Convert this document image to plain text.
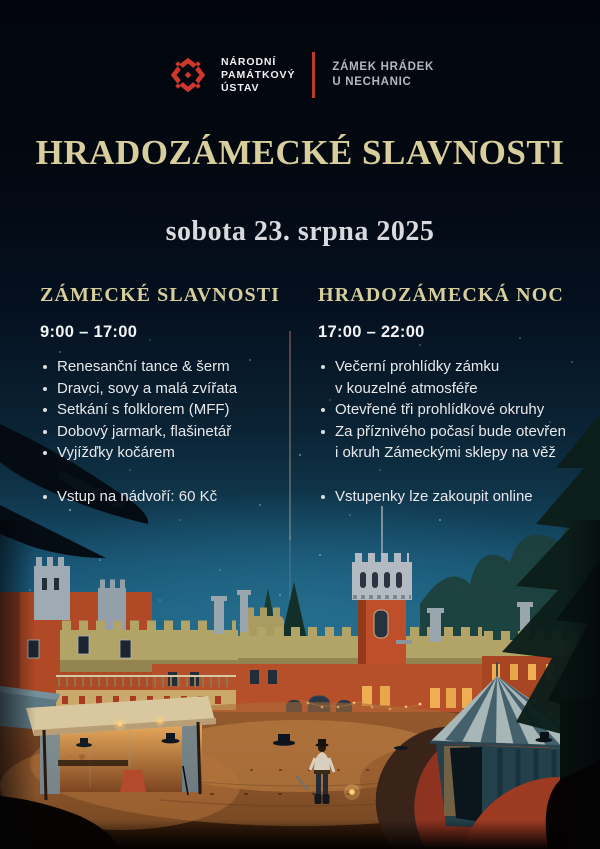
NÁRODNÍ
PAMÁTKOVÝ
ÚSTAV
ZÁMEK HRÁDEK
U NECHANIC
HRADOZÁMECKÉ SLAVNOSTI
sobota 23. srpna 2025
ZÁMECKÉ SLAVNOSTI
9:00 – 17:00
Renesanční tance & šerm
Dravci, sovy a malá zvířata
Setkání s folklorem (MFF)
Dobový jarmark, flašinetář
Vyjížďky kočárem
Vstup na nádvoří: 60 Kč
HRADOZÁMECKÁ NOC
17:00 – 22:00
Večerní prohlídky zámku
v kouzelné atmosféře
Otevřené tři prohlídkové okruhy
Za příznivého počasí bude otevřen
i okruh Zámeckými sklepy na věž
Vstupenky lze zakoupit online
